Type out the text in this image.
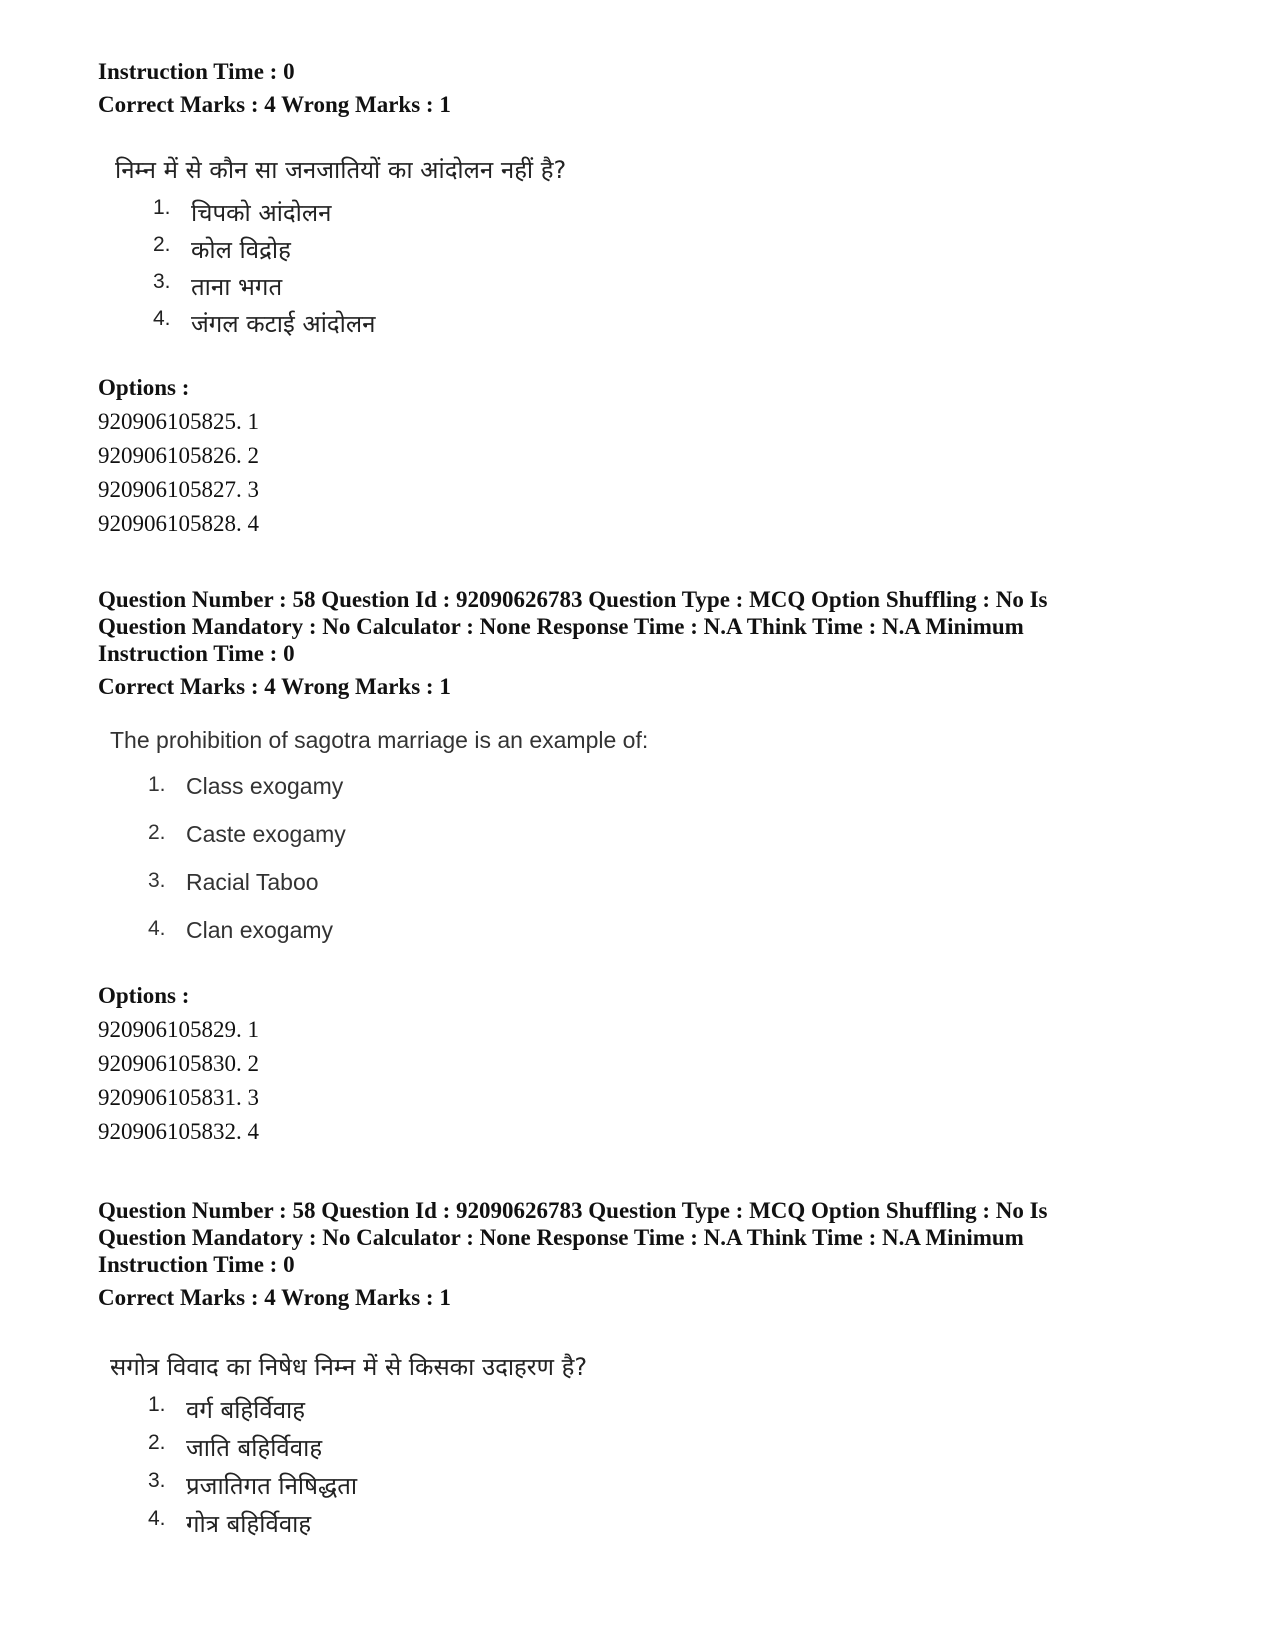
Instruction Time : 0
Correct Marks : 4 Wrong Marks : 1

निम्न में से कौन सा जनजातियों का आंदोलन नहीं है?

1. चिपको आंदोलन
2. कोल विद्रोह
3. ताना भगत
4. जंगल कटाई आंदोलन

Options :

920906105825. 1
920906105826. 2
920906105827. 3
920906105828. 4
Question Number : 58 Question Id : 92090626783 Question Type : MCQ Option Shuffling : No Is
Question Mandatory : No Calculator : None Response Time : N.A Think Time : N.A Minimum
Instruction Time : 0
Correct Marks : 4 Wrong Marks : 1

The prohibition of sagotra marriage is an example of:

1. Class exogamy
2. Caste exogamy
3. Racial Taboo
4. Clan exogamy

Options :

920906105829. 1
920906105830. 2
920906105831. 3
920906105832. 4
Question Number : 58 Question Id : 92090626783 Question Type : MCQ Option Shuffling : No Is
Question Mandatory : No Calculator : None Response Time : N.A Think Time : N.A Minimum
Instruction Time : 0
Correct Marks : 4 Wrong Marks : 1

सगोत्र विवाद का निषेध निम्न में से किसका उदाहरण है?

1. वर्ग बहिर्विवाह
2. जाति बहिर्विवाह
3. प्रजातिगत निषिद्धता
4. गोत्र बहिर्विवाह
